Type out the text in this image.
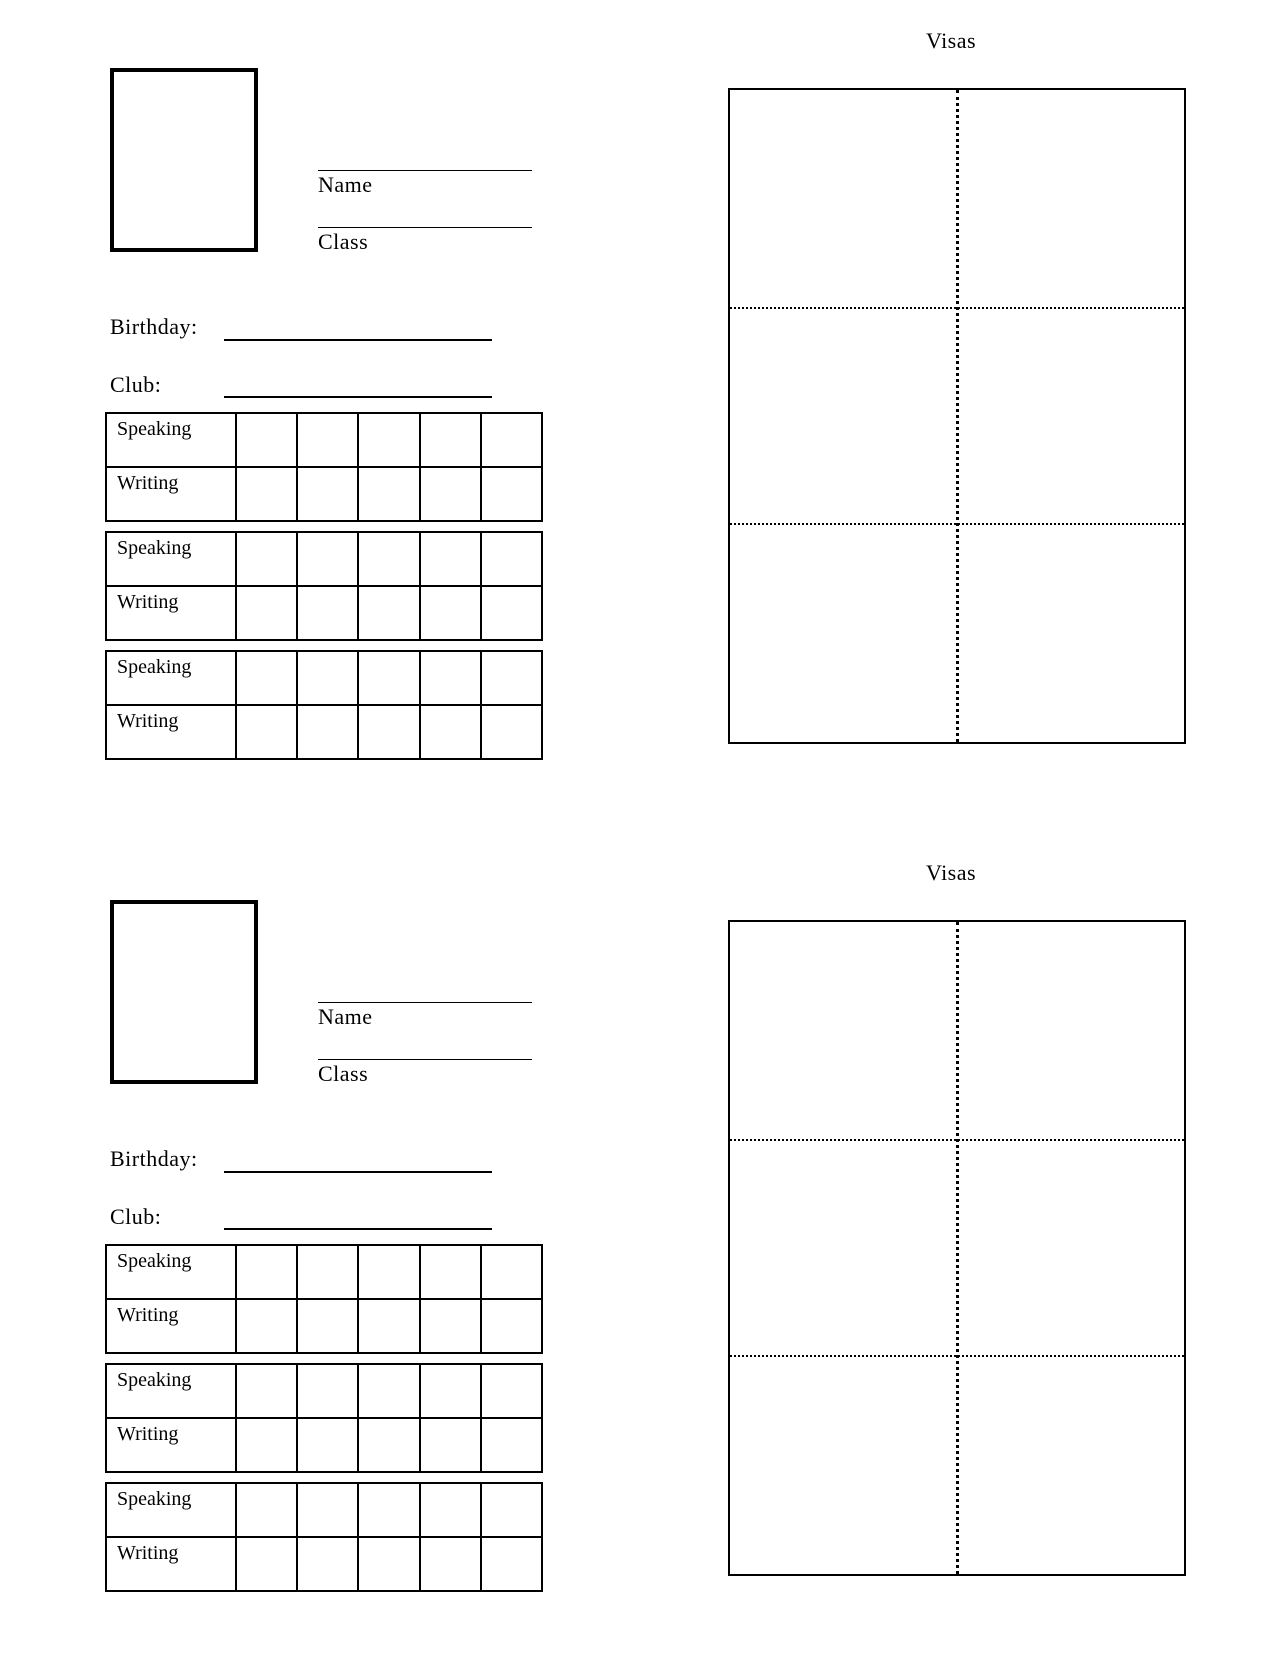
Name
Class
Birthday:
Club:
Speaking					
Writing					
Speaking					
Writing					
Speaking					
Writing					
Visas
Name
Class
Birthday:
Club:
Speaking					
Writing					
Speaking					
Writing					
Speaking					
Writing					
Visas
